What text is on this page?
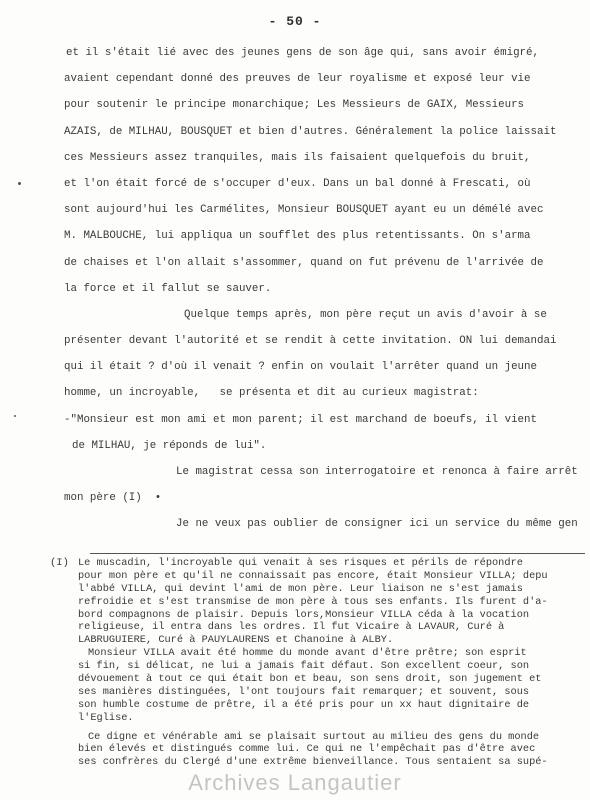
- 50 -
et il s'était lié avec des jeunes gens de son âge qui, sans avoir émigré,
avaient cependant donné des preuves de leur royalisme et exposé leur vie
pour soutenir le principe monarchique; Les Messieurs de GAIX, Messieurs
AZAIS, de MILHAU, BOUSQUET et bien d'autres. Généralement la police laissait
ces Messieurs assez tranquiles, mais ils faisaient quelquefois du bruit,
et l'on était forcé de s'occuper d'eux. Dans un bal donné à Frescati, où
sont aujourd'hui les Carmélites, Monsieur BOUSQUET ayant eu un démélé avec
M. MALBOUCHE, lui appliqua un soufflet des plus retentissants. On s'arma
de chaises et l'on allait s'assommer, quand on fut prévenu de l'arrivée de
la force et il fallut se sauver.
Quelque temps après, mon père reçut un avis d'avoir à se
présenter devant l'autorité et se rendit à cette invitation. ON lui demandai
qui il était ? d'où il venait ? enfin on voulait l'arrêter quand un jeune
homme, un incroyable,   se présenta et dit au curieux magistrat:
-"Monsieur est mon ami et mon parent; il est marchand de boeufs, il vient
de MILHAU, je réponds de lui".
Le magistrat cessa son interrogatoire et renonca à faire arrêt
mon père (I)  •
Je ne veux pas oublier de consigner ici un service du même gen
(I) Le muscadin, l'incroyable qui venait à ses risques et périls de répondre
pour mon père et qu'il ne connaissait pas encore, était Monsieur VILLA; depu
l'abbé VILLA, qui devint l'ami de mon père. Leur liaison ne s'est jamais
refroidie et s'est transmise de mon père à tous ses enfants. Ils furent d'a-
bord compagnons de plaisir. Depuis lors,Monsieur VILLA céda à la vocation
religieuse, il entra dans les ordres. Il fut Vicaire à LAVAUR, Curé à
LABRUGUIERE, Curé à PAUYLAURENS et Chanoine à ALBY.
Monsieur VILLA avait été homme du monde avant d'être prêtre; son esprit
si fin, si délicat, ne lui a jamais fait défaut. Son excellent coeur, son
dévouement à tout ce qui était bon et beau, son sens droit, son jugement et
ses manières distinguées, l'ont toujours fait remarquer; et souvent, sous
son humble costume de prêtre, il a été pris pour un xx haut dignitaire de
l'Eglise.
Ce digne et vénérable ami se plaisait surtout au milieu des gens du monde
bien élevés et distingués comme lui. Ce qui ne l'empêchait pas d'être avec
ses confrères du Clergé d'une extrême bienveillance. Tous sentaient sa supé-
Archives Langautier
